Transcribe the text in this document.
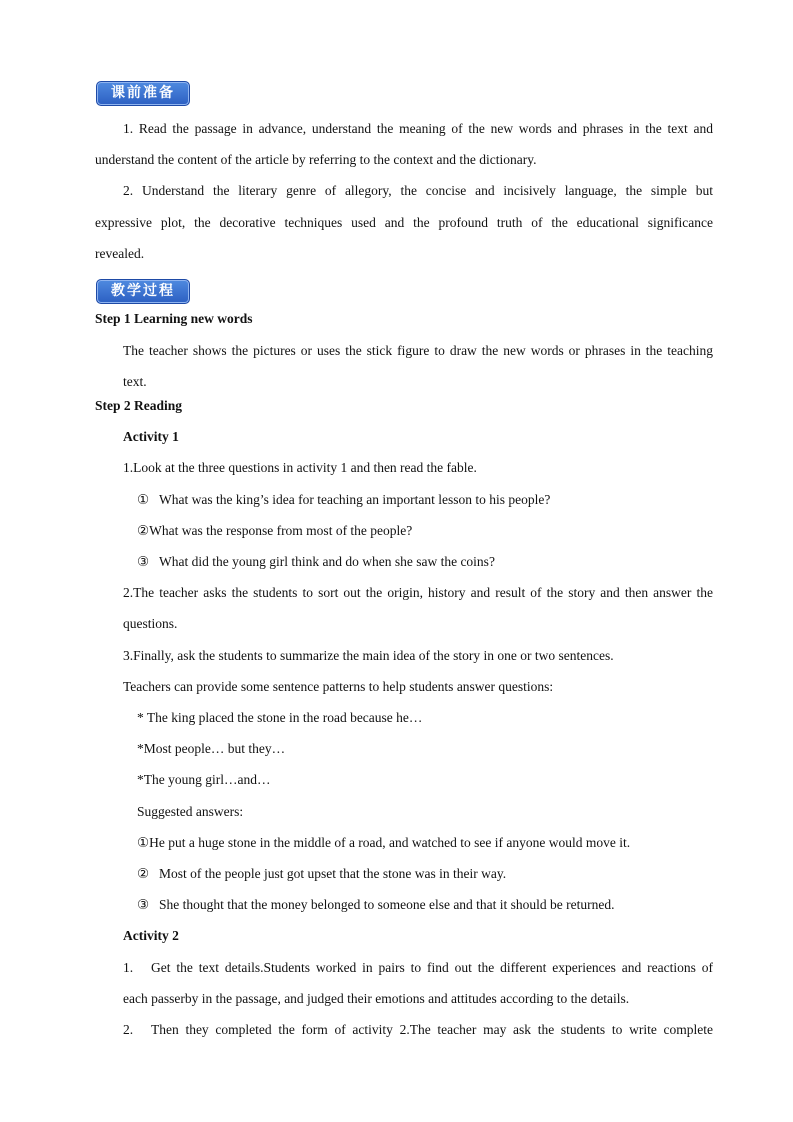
课前准备
1. Read the passage in advance, understand the meaning of the new words and phrases in the text and
understand the content of the article by referring to the context and the dictionary.
2. Understand the literary genre of allegory, the concise and incisively language, the simple but
expressive plot, the decorative techniques used and the profound truth of the educational significance
revealed.
教学过程
Step 1 Learning new words
The teacher shows the pictures or uses the stick figure to draw the new words or phrases in the teaching
text.
Step 2 Reading
Activity 1
1.Look at the three questions in activity 1 and then read the fable.
① What was the king’s idea for teaching an important lesson to his people?
②What was the response from most of the people?
③ What did the young girl think and do when she saw the coins?
2.The teacher asks the students to sort out the origin, history and result of the story and then answer the
questions.
3.Finally, ask the students to summarize the main idea of the story in one or two sentences.
Teachers can provide some sentence patterns to help students answer questions:
* The king placed the stone in the road because he…
*Most people… but they…
*The young girl…and…
Suggested answers:
①He put a huge stone in the middle of a road, and watched to see if anyone would move it.
② Most of the people just got upset that the stone was in their way.
③ She thought that the money belonged to someone else and that it should be returned.
Activity 2
1. Get the text details.Students worked in pairs to find out the different experiences and reactions of
each passerby in the passage, and judged their emotions and attitudes according to the details.
2. Then they completed the form of activity 2.The teacher may ask the students to write complete
